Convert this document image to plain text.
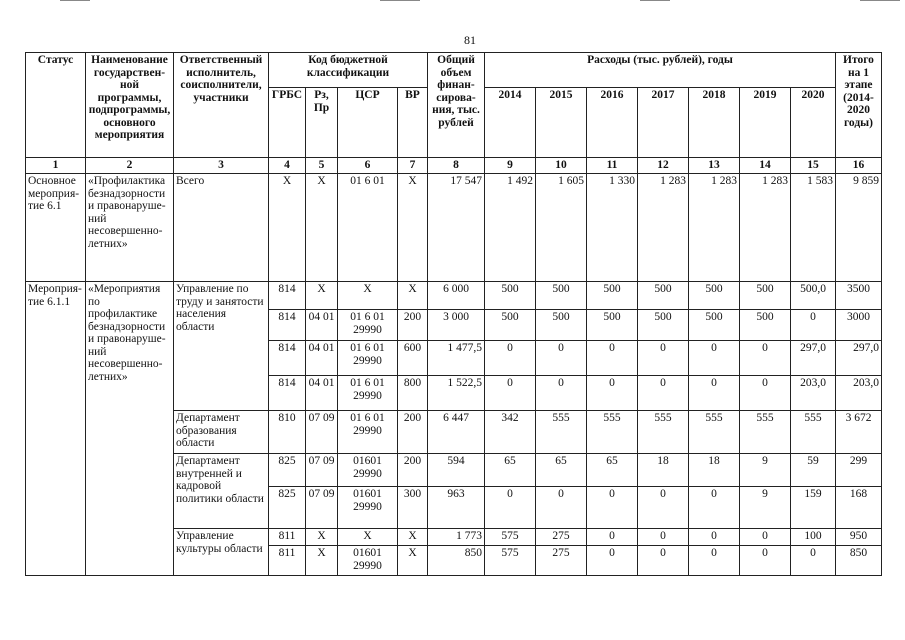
81
Статус	Наименование государствен-ной программы, подпрограммы, основного мероприятия	Ответственный исполнитель, соисполнители, участники	Код бюджетной классификации				Общий объем финан-сирова-ния, тыс. рублей	Расходы (тыс. рублей), годы							Итого на 1 этапе (2014-2020 годы)
			ГРБС	Рз, Пр	ЦСР	ВР		2014	2015	2016	2017	2018	2019	2020	
1	2	3	4	5	6	7	8	9	10	11	12	13	14	15	16
Основное мероприя-тие 6.1	«Профилактика безнадзорности и правонаруше-ний несовершенно-летних»	Всего	Х	Х	01 6 01	Х	17 547	1 492	1 605	1 330	1 283	1 283	1 283	1 583	9 859
Мероприя-тие 6.1.1	«Мероприятия по профилактике безнадзорности и правонаруше-ний несовершенно-летних»	Управление по труду и занятости населения области	814	Х	Х	Х	6 000	500	500	500	500	500	500	500,0	3500
			814	04 01	01 6 01 29990	200	3 000	500	500	500	500	500	500	0	3000
			814	04 01	01 6 01 29990	600	1 477,5	0	0	0	0	0	0	297,0	297,0
			814	04 01	01 6 01 29990	800	1 522,5	0	0	0	0	0	0	203,0	203,0
		Департамент образования области	810	07 09	01 6 01 29990	200	6 447	342	555	555	555	555	555	555	3 672
		Департамент внутренней и кадровой политики области	825	07 09	01601 29990	200	594	65	65	65	18	18	9	59	299
			825	07 09	01601 29990	300	963	0	0	0	0	0	9	159	168
		Управление культуры области	811	Х	Х	Х	1 773	575	275	0	0	0	0	100	950
			811	Х	01601 29990	Х	850	575	275	0	0	0	0	0	850
